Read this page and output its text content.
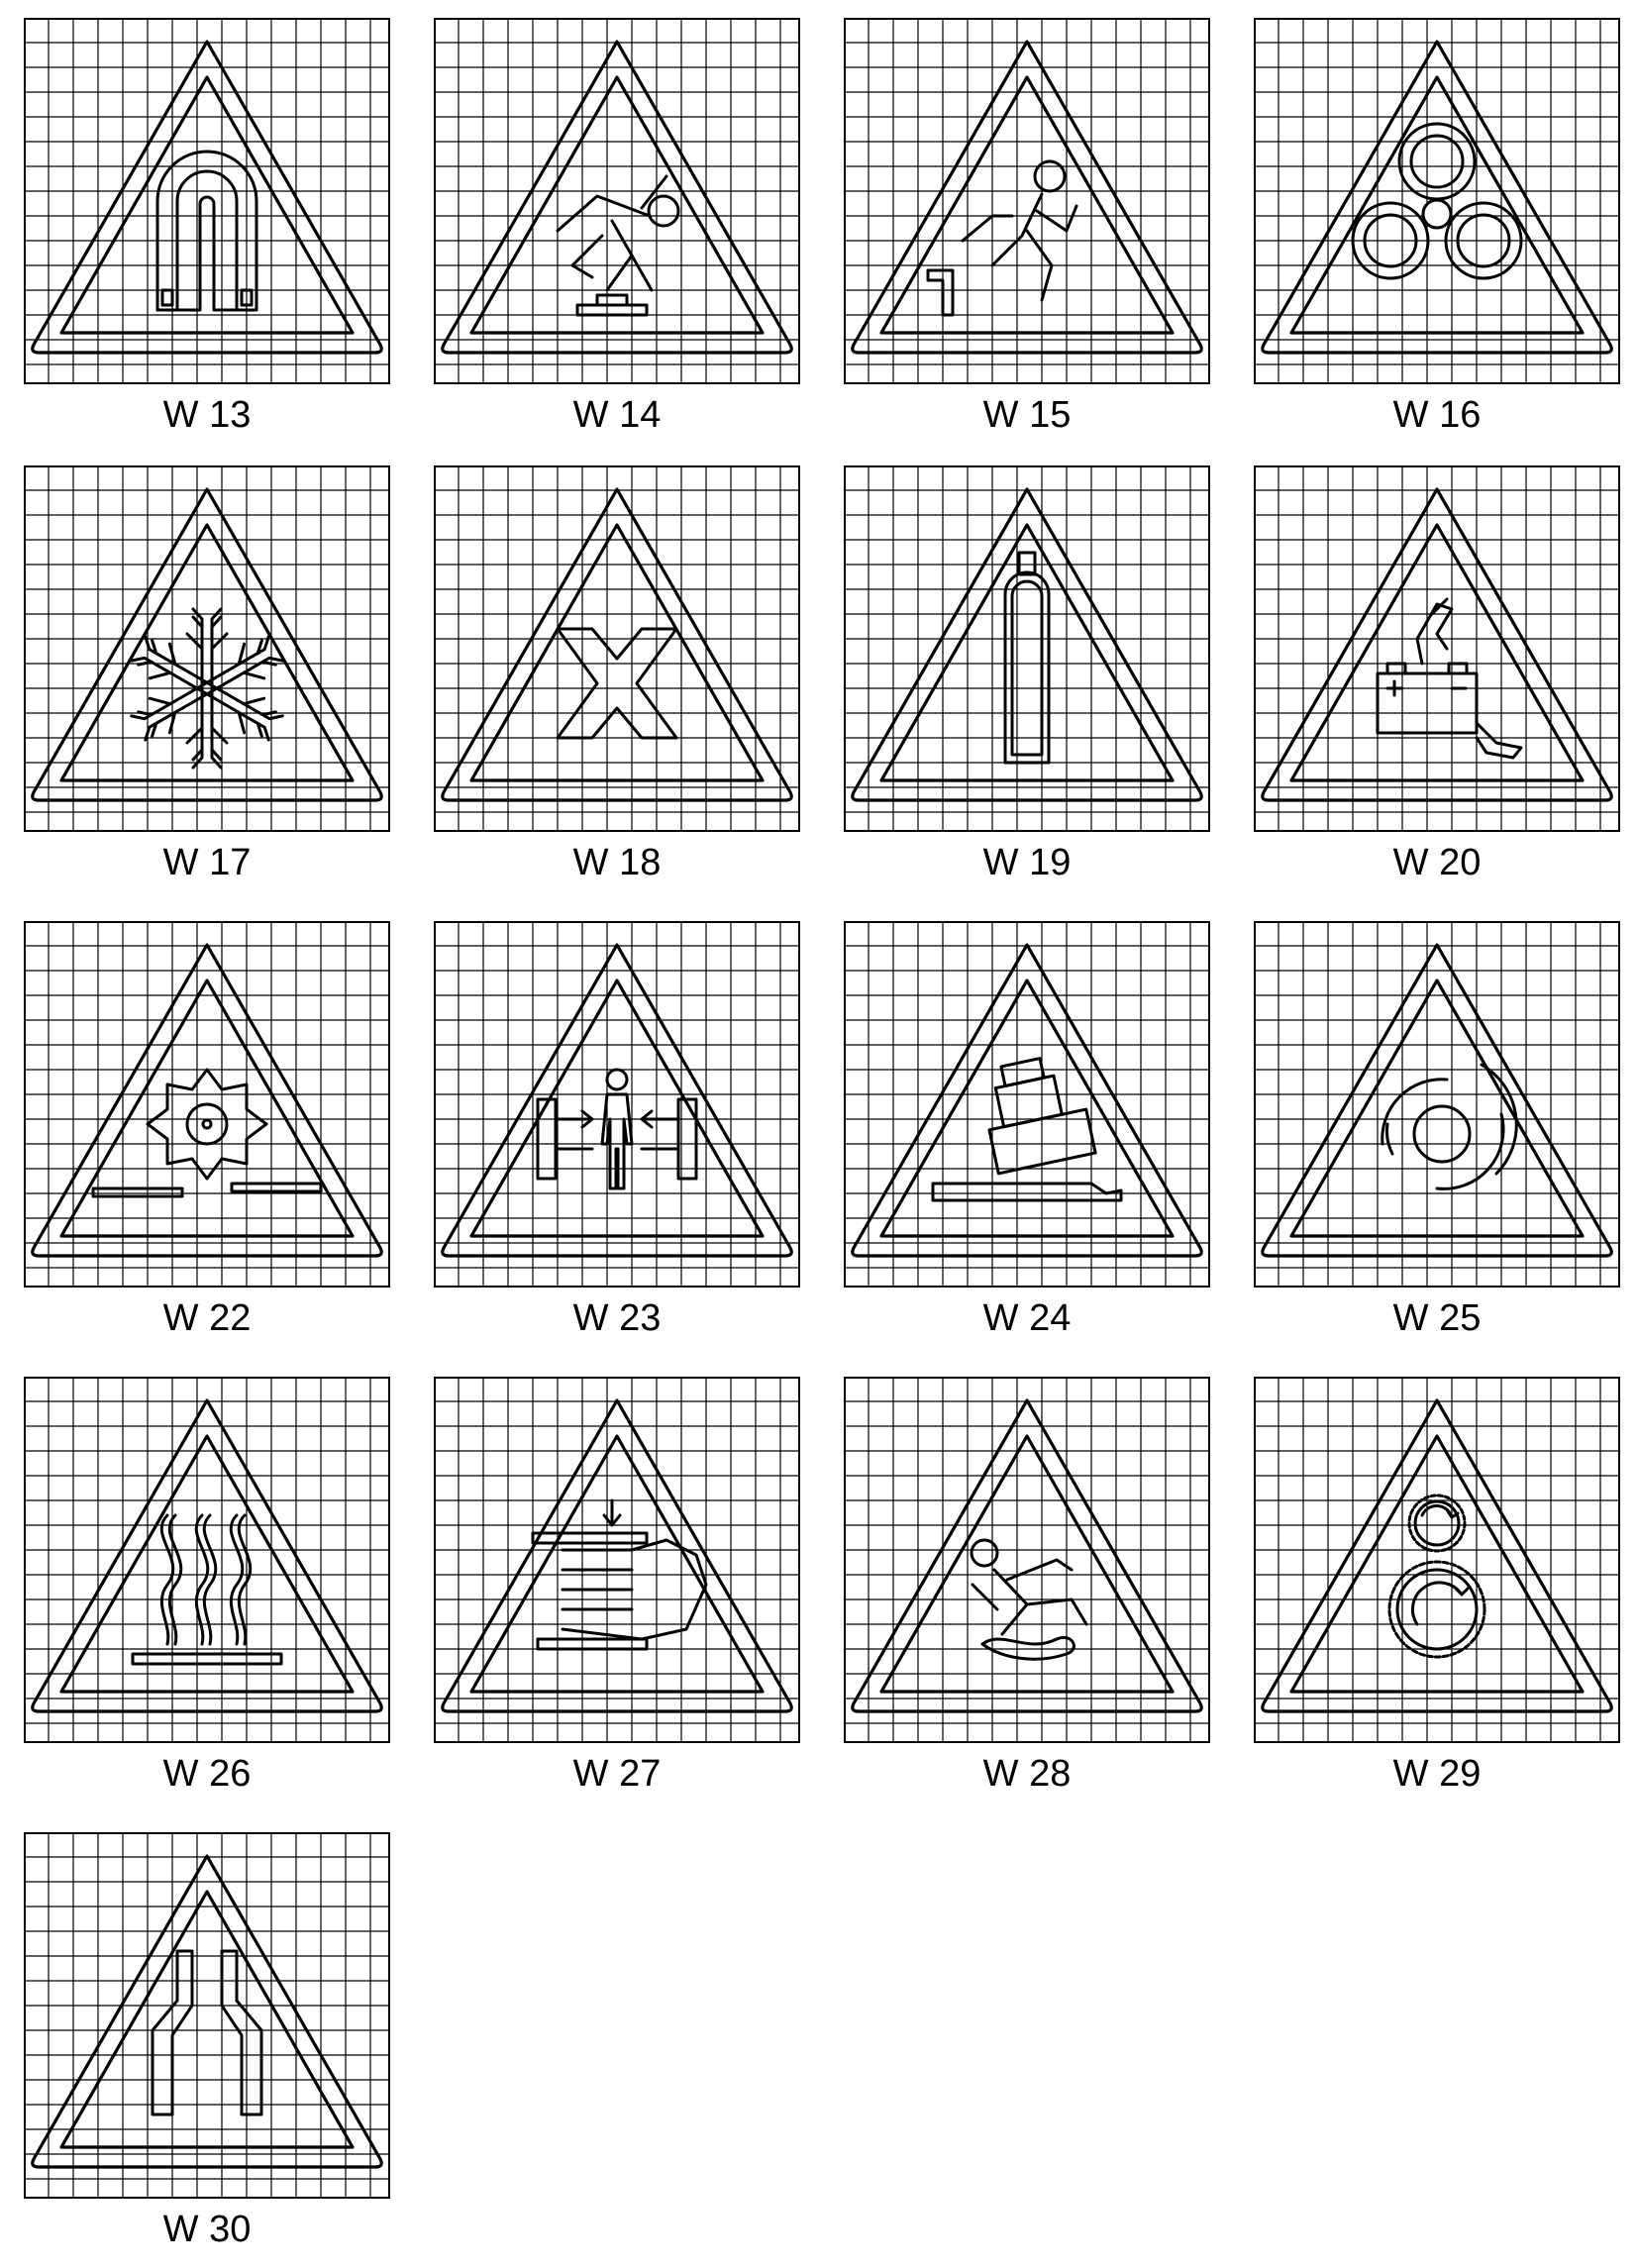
W 13	W 14	W 15	W 16
W 17	W 18	W 19	W 20
W 22	W 23	W 24	W 25
W 26	W 27	W 28	W 29
W 30
